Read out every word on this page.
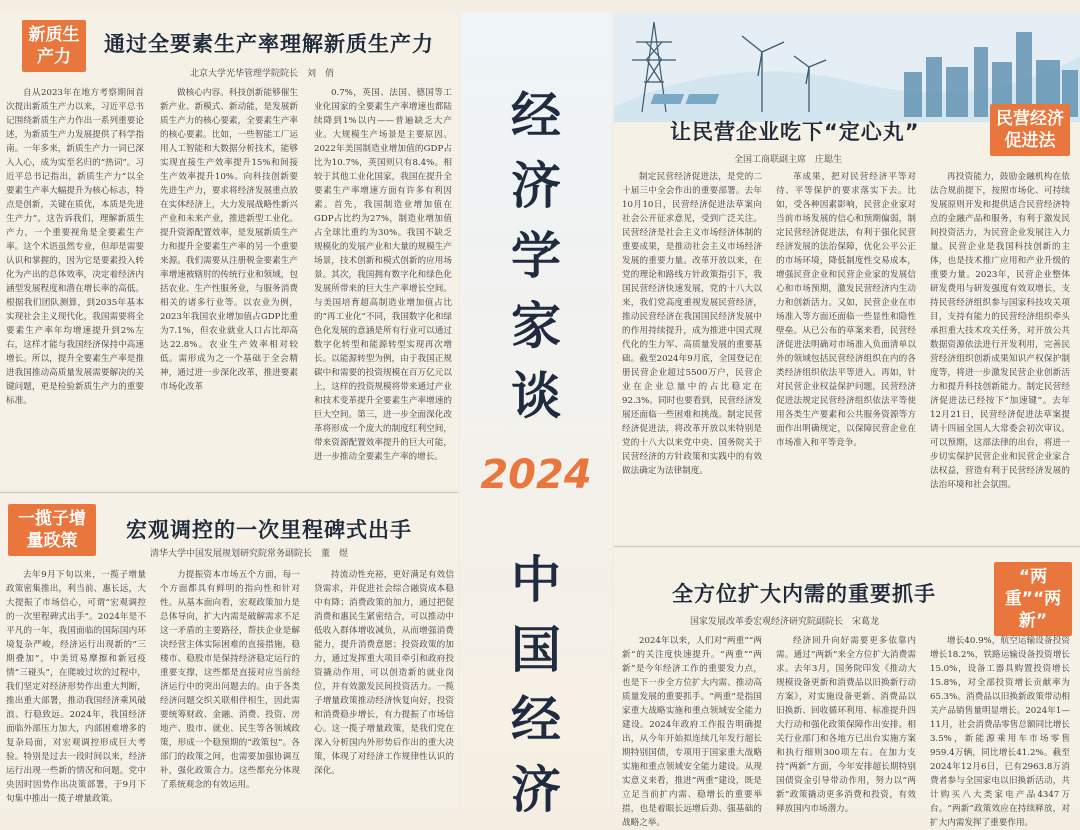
新质生产力
通过全要素生产率理解新质生产力
北京大学光华管理学院院长　刘　俏
自从2023年在地方考察期间首次提出新质生产力以来，习近平总书记围绕新质生产力作出一系列重要论述，为新质生产力发展提供了科学指南。一年多来，新质生产力一词已深入人心，成为实至名归的“热词”。习近平总书记指出，新质生产力“以全要素生产率大幅提升为核心标志，特点是创新，关键在质优，本质是先进生产力”。这告诉我们，理解新质生产力，一个重要视角是全要素生产率。这个术语虽然专业，但却是需要认识和掌握的，因为它是要素投入转化为产出的总体效率，决定着经济内涵型发展程度和潜在增长率的高低。根据我们团队测算，到2035年基本实现社会主义现代化，我国需要将全要素生产率年均增速提升到2%左右，这样才能与我国经济保持中高速增长。所以，提升全要素生产率是推进我国推动高质量发展需要解决的关键问题，更是检验新质生产力的重要标准。
做核心内容。科技创新能够催生新产业、新模式、新动能，是发展新质生产力的核心要素，全要素生产率的核心要素。比如，一些智能工厂运用人工智能和大数据分析技术，能够实现直接生产效率提升15%和间接生产效率提升10%。向科技创新要先进生产力，要求将经济发展重点放在实体经济上，大力发展战略性新兴产业和未来产业，推进新型工业化。提升资源配置效率，是发展新质生产力和提升全要素生产率的另一个重要来源。我们需要从注册税金要素生产率增速被辖肘的传统行业和领域，包括农业、生产性服务业，与服务消费相关的诸多行业等。以农业为例，2023年我国农业增加值占GDP比重为7.1%，但农业就业人口占比却高达22.8%。农业生产效率相对较低。需形成为之一个基础于全会精神，通过进一步深化改革，推进要素市场化改革
0.7%，英国、法国、德国等工业化国家的全要素生产率增速也都陆续降到1%以内——普遍缺乏大产业。大规模生产场景是主要原因。2022年美国制造业增加值的GDP占比为10.7%，英国则只有8.4%。相较于其他工业化国家，我国在提升全要素生产率增速方面有许多有利因素。首先，我国制造业增加值在GDP占比约为27%，制造业增加值占全球比重约为30%。我国不缺乏规模化的发展产业和大量的规模生产场景，技术创新和模式创新的应用场景。其次，我国拥有数字化和绿色化发展所带来的巨大生产率增长空间。与美国培育超高制造业增加值占比的“再工业化”不同，我国数字化和绿色化发展的意涵是所有行业可以通过数字化转型和能源转型实现再次增长。以能源转型为例，由于我国正规碳中和需要的投资规模在百万亿元以上，这样的投资规模将带来通过产业和技术变革提升全要素生产率增速的巨大空间。第三，进一步全面深化改革将形成一个庞大的制度红利空间，带来资源配置效率提升的巨大可能，进一步推动全要素生产率的增长。
一揽子增量政策	宏观调控的一次里程碑式出手
清华大学中国发展规划研究院常务副院长　董　煜
去年9月下旬以来，一揽子增量政策密集推出，利当前、惠长远，大大提振了市场信心，可谓“宏观调控的一次里程碑式出手”。2024年是不平凡的一年，我国面临的国际国内环境复杂严峻，经济运行出现新的“三期叠加”，中美贸易摩擦和新冠疫情“三碰头”，在爬坡过坎的过程中，我们坚定对经济形势作出重大判断，推出重大部署，推动我国经济乘风破浪、行稳致远。2024年，我国经济面临外部压力加大，内部困难增多的复杂局面，对宏观调控形成巨大考验。特别是过去一段时间以来，经济运行出现一些新的情况和问题。党中央因时因势作出决策部署，于9月下旬集中推出一揽子增量政策。
力提振资本市场五个方面，每一个方面都具有鲜明的指向性和针对性。从基本面向看，宏观政策加力是总体导向，扩大内需是破解需求不足这一矛盾的主要路径，帮扶企业是解决经营主体实际困难的直接措施，稳楼市、稳股市是保持经济稳定运行的重要支撑，这些都是直接对应当前经济运行中的突出问题去的。由于各类经济问题交织关联相伴相生，因此需要统筹财政、金融、消费、投资、房地产、股市、就业、民生等各领域政策，形成一个稳预期的“政策包”。各部门的政策之间，也需要加强协调互补，强化政策合力。这些都充分体现了系统观念的有效运用。
持流动性充裕，更好满足有效信贷需求，并促进社会综合融资成本稳中有降；消费政策的加力，通过把促消费和惠民生紧密结合，可以推动中低收入群体增收减负，从而增强消费能力，提升消费意愿；投资政策的加力，通过发挥重大项目牵引和政府投资撬动作用，可以创造新的就业岗位，并有效激发民间投资活力。一揽子增量政策推动经济恢复向好，投资和消费稳步增长，有力提振了市场信心。这一揽子增量政策，是我们党在深入分析国内外形势后作出的重大决策，体现了对经济工作规律性认识的深化。
经
济
学
家
谈
2024
中
国
经
济
民营经济促进法
让民营企业吃下“定心丸”
全国工商联副主席　庄聪生
制定民营经济促进法，是党的二十届三中全会作出的重要部署。去年10月10日，民营经济促进法草案向社会公开征求意见，受到广泛关注。民营经济是社会主义市场经济体制的重要成果，是推动社会主义市场经济发展的重要力量。改革开放以来，在党的理论和路线方针政策指引下，我国民营经济快速发展，党的十八大以来，我们党高度重视发展民营经济，推动民营经济在我国国民经济发展中的作用持续提升，成为推进中国式现代化的生力军、高质量发展的重要基础。截至2024年9月底，全国登记在册民营企业超过5500万户，民营企业在企业总量中的占比稳定在92.3%。同时也要看到，民营经济发展还面临一些困难和挑战。制定民营经济促进法，将改革开放以来特别是党的十八大以来党中央、国务院关于民营经济的方针政策和实践中的有效做法确定为法律制度。
革成果，把对民营经济平等对待、平等保护的要求落实下去。比如，受各种因素影响，民营企业家对当前市场发展的信心和预期偏弱，制定民营经济促进法，有利于强化民营经济发展的法治保障，优化公平公正的市场环境，降低制度性交易成本，增强民营企业和民营企业家的发展信心和市场预期，激发民营经济内生动力和创新活力。又如，民营企业在市场准入等方面还面临一些显性和隐性壁垒。从已公布的草案来看，民营经济促进法明确对市场准入负面清单以外的领域包括民营经济组织在内的各类经济组织依法平等进入。再如，针对民营企业权益保护问题，民营经济促进法规定民营经济组织依法平等使用各类生产要素和公共服务资源等方面作出明确规定，以保障民营企业在市场准入和平等竞争。
再投资能力，鼓励金融机构在依法合规前提下，按照市场化、可持续发展原则开发和提供适合民营经济特点的金融产品和服务，有利于激发民间投资活力，为民营企业发展注入力量。民营企业是我国科技创新的主体，也是技术推广应用和产业升级的重要力量。2023年，民营企业整体研发费用与研发强度有效双增长，支持民营经济组织参与国家科技攻关项目，支持有能力的民营经济组织牵头承担重大技术攻关任务，对开放公共数据资源依法进行开发利用，完善民营经济组织创新成果知识产权保护制度等，将进一步激发民营企业创新活力和提升科技创新能力。制定民营经济促进法已经按下“加速键”。去年12月21日，民营经济促进法草案提请十四届全国人大常委会初次审议。可以预期，这部法律的出台，将进一步切实保护民营企业和民营企业家合法权益，营造有利于民营经济发展的法治环境和社会氛围。
“两重”“两新”
全方位扩大内需的重要抓手
国家发展改革委宏观经济研究院副院长　宋葛龙
2024年以来，人们对“两重”“两新”的关注度快速提升。“两重”“两新”是今年经济工作的重要发力点，也是下一步全方位扩大内需、推动高质量发展的重要抓手。“两重”是指国家重大战略实施和重点领域安全能力建设。2024年政府工作报告明确提出，从今年开始拟连续几年发行超长期特别国债，专项用于国家重大战略实施和重点领域安全能力建设。从现实意义来看，推进“两重”建设，既是立足当前扩内需、稳增长的重要举措，也是着眼长远增后劲、强基础的战略之举。
经济回升向好需要更多依靠内需。通过“两新”来全方位扩大消费需求。去年3月，国务院印发《推动大规模设备更新和消费品以旧换新行动方案》，对实施设备更新、消费品以旧换新、回收循环利用、标准提升四大行动和强化政策保障作出安排。相关行业部门和各地方已出台实施方案和执行细则300项左右。在加力支持“两新”方面，今年安排超长期特别国债资金引导带动作用，努力以“两新”政策撬动更多消费和投资，有效释放国内市场潜力。
增长40.9%，航空运输设备投资增长18.2%，铁路运输设备投资增长15.0%，设备工器具购置投资增长15.8%，对全部投资增长贡献率为65.3%。消费品以旧换新政策带动相关产品销售量明显增长。2024年1—11月，社会消费品零售总额同比增长3.5%，新能源乘用车市场零售959.4万辆，同比增长41.2%。截至2024年12月6日，已有2963.8万消费者参与全国家电以旧换新活动，共计购买八大类家电产品4347万台。“两新”政策效应在持续释放，对扩大内需发挥了重要作用。
